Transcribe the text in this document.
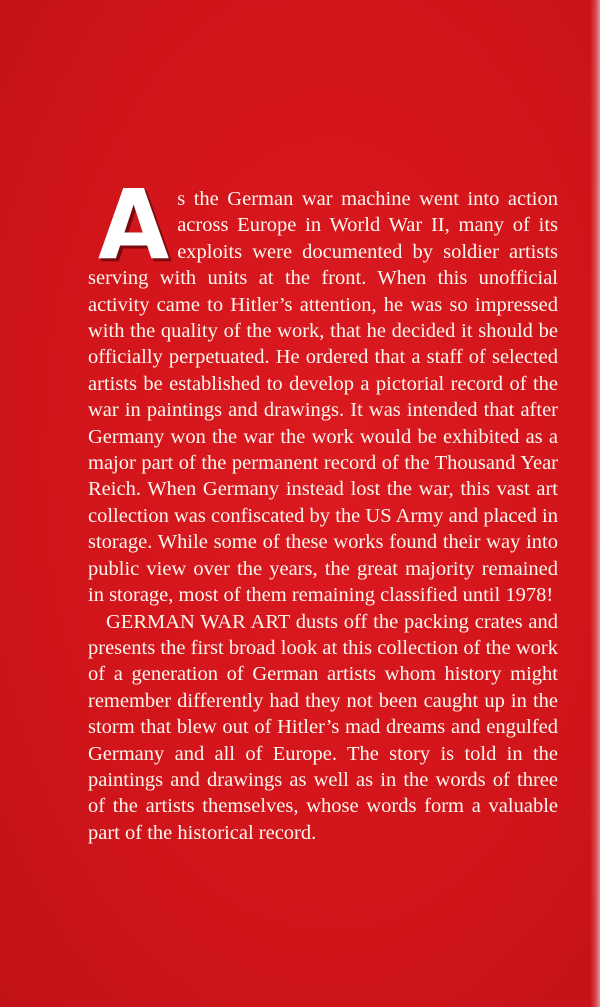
As the German war machine went into action across Europe in World War II, many of its exploits were documented by soldier artists serving with units at the front. When this unofficial activity came to Hitler’s attention, he was so impressed with the quality of the work, that he decided it should be officially perpetuated. He ordered that a staff of selected artists be established to develop a pictorial record of the war in paintings and drawings. It was intended that after Germany won the war the work would be exhibited as a major part of the permanent record of the Thousand Year Reich. When Germany instead lost the war, this vast art collection was confiscated by the US Army and placed in storage. While some of these works found their way into public view over the years, the great majority remained in storage, most of them remaining classified until 1978!

GERMAN WAR ART dusts off the packing crates and presents the first broad look at this collection of the work of a generation of German artists whom history might remember differently had they not been caught up in the storm that blew out of Hitler’s mad dreams and engulfed Germany and all of Europe. The story is told in the paintings and drawings as well as in the words of three of the artists themselves, whose words form a valuable part of the historical record.
